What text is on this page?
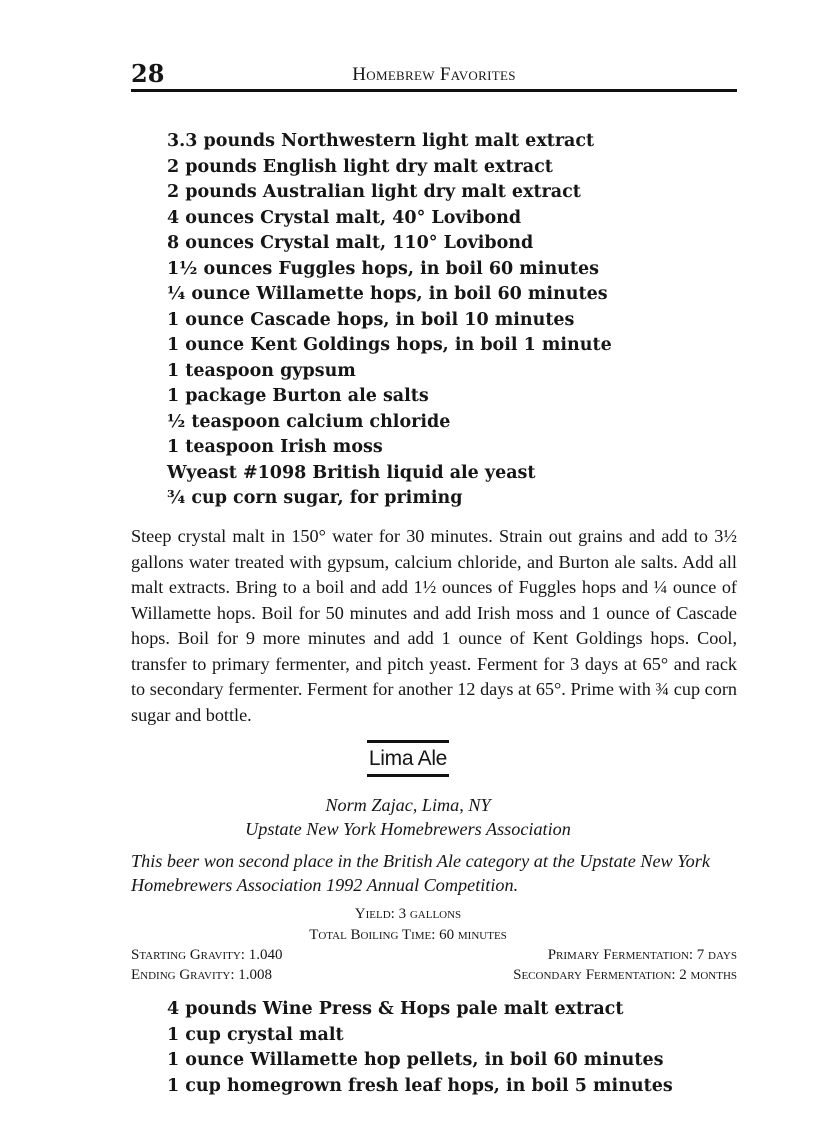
28	Homebrew Favorites
3.3 pounds Northwestern light malt extract
2 pounds English light dry malt extract
2 pounds Australian light dry malt extract
4 ounces Crystal malt, 40° Lovibond
8 ounces Crystal malt, 110° Lovibond
1½ ounces Fuggles hops, in boil 60 minutes
¼ ounce Willamette hops, in boil 60 minutes
1 ounce Cascade hops, in boil 10 minutes
1 ounce Kent Goldings hops, in boil 1 minute
1 teaspoon gypsum
1 package Burton ale salts
½ teaspoon calcium chloride
1 teaspoon Irish moss
Wyeast #1098 British liquid ale yeast
¾ cup corn sugar, for priming

Steep crystal malt in 150° water for 30 minutes. Strain out grains and add to 3½ gallons water treated with gypsum, calcium chloride, and Burton ale salts. Add all malt extracts. Bring to a boil and add 1½ ounces of Fuggles hops and ¼ ounce of Willamette hops. Boil for 50 minutes and add Irish moss and 1 ounce of Cascade hops. Boil for 9 more minutes and add 1 ounce of Kent Goldings hops. Cool, transfer to primary fermenter, and pitch yeast. Ferment for 3 days at 65° and rack to secondary fermenter. Ferment for another 12 days at 65°. Prime with ¾ cup corn sugar and bottle.

Lima Ale
Norm Zajac, Lima, NY
Upstate New York Homebrewers Association

This beer won second place in the British Ale category at the Upstate New York Homebrewers Association 1992 Annual Competition.

Yield: 3 gallons
Total Boiling Time: 60 minutes
Starting Gravity: 1.040	Primary Fermentation: 7 days
Ending Gravity: 1.008	Secondary Fermentation: 2 months
4 pounds Wine Press & Hops pale malt extract
1 cup crystal malt
1 ounce Willamette hop pellets, in boil 60 minutes
1 cup homegrown fresh leaf hops, in boil 5 minutes
